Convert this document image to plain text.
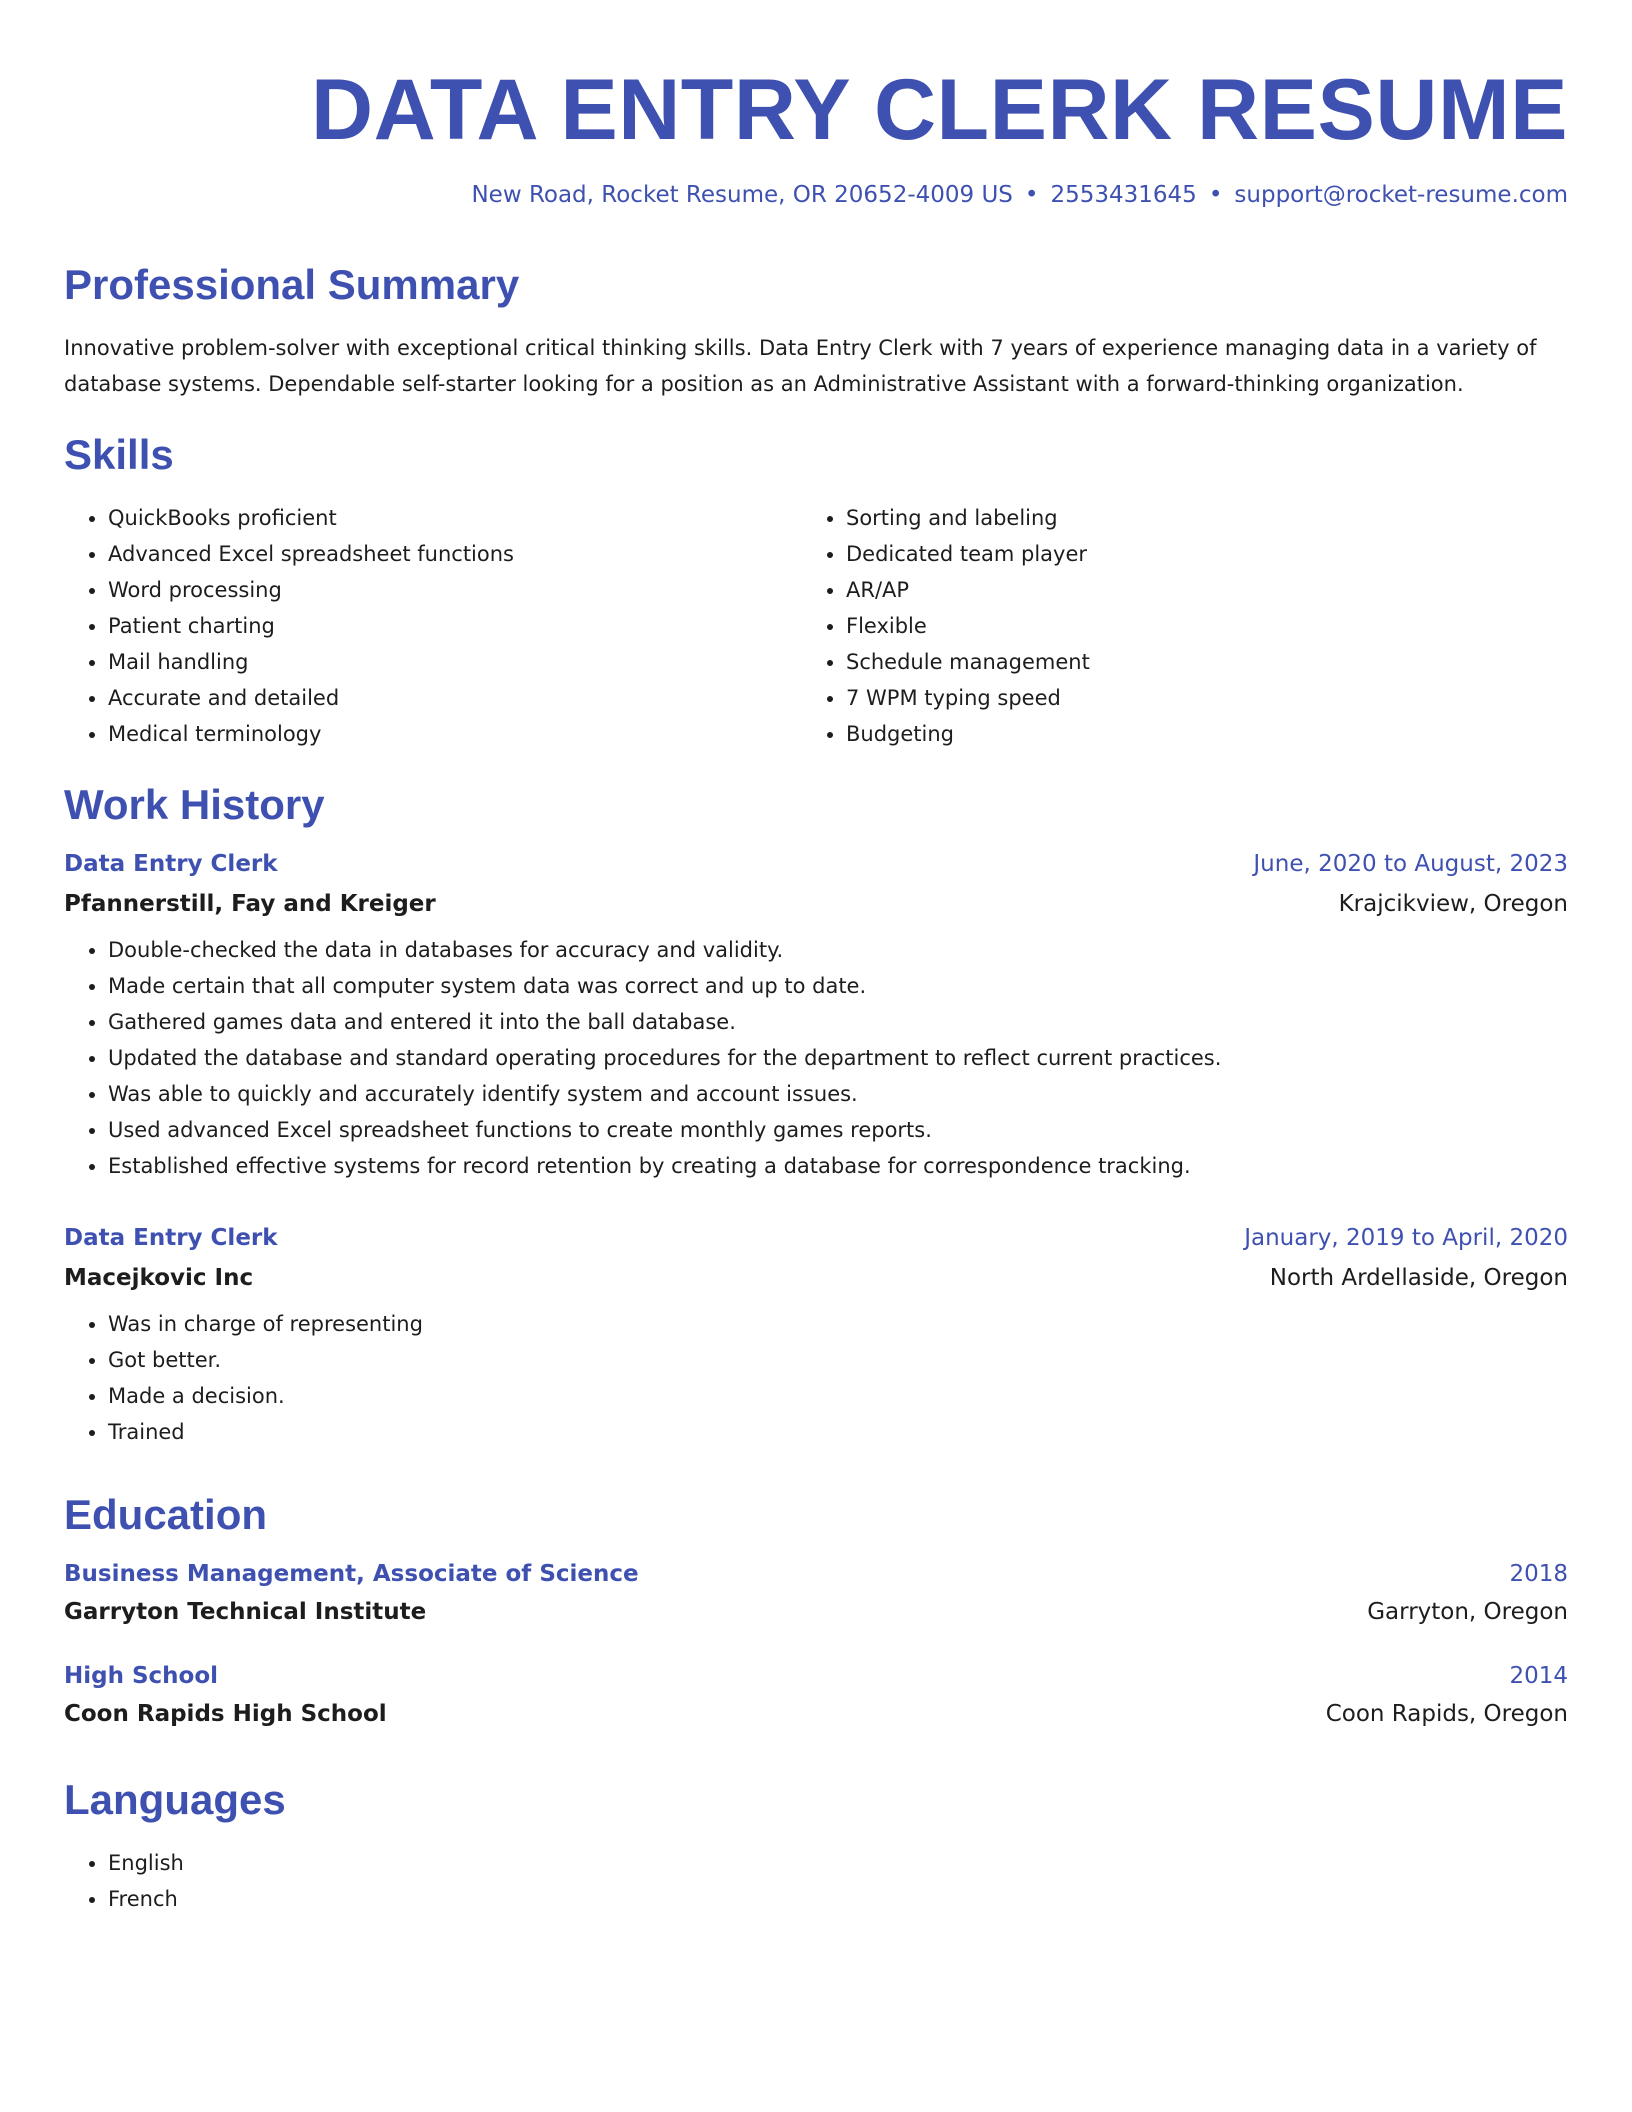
DATA ENTRY CLERK RESUME
New Road, Rocket Resume, OR 20652-4009 US • 2553431645 • support@rocket-resume.com
Professional Summary

Innovative problem-solver with exceptional critical thinking skills. Data Entry Clerk with 7 years of experience managing data in a variety of database systems. Dependable self-starter looking for a position as an Administrative Assistant with a forward-thinking organization.

Skills
• QuickBooks proficient
• Advanced Excel spreadsheet functions
• Word processing
• Patient charting
• Mail handling
• Accurate and detailed
• Medical terminology
• Sorting and labeling
• Dedicated team player
• AR/AP
• Flexible
• Schedule management
• 7 WPM typing speed
• Budgeting
Work History
Data Entry Clerk	June, 2020 to August, 2023
Pfannerstill, Fay and Kreiger	Krajcikview, Oregon
• Double-checked the data in databases for accuracy and validity.
• Made certain that all computer system data was correct and up to date.
• Gathered games data and entered it into the ball database.
• Updated the database and standard operating procedures for the department to reflect current practices.
• Was able to quickly and accurately identify system and account issues.
• Used advanced Excel spreadsheet functions to create monthly games reports.
• Established effective systems for record retention by creating a database for correspondence tracking.
Data Entry Clerk	January, 2019 to April, 2020
Macejkovic Inc	North Ardellaside, Oregon
• Was in charge of representing
• Got better.
• Made a decision.
• Trained
Education
Business Management, Associate of Science	2018
Garryton Technical Institute	Garryton, Oregon
High School	2014
Coon Rapids High School	Coon Rapids, Oregon
Languages
• English
• French
